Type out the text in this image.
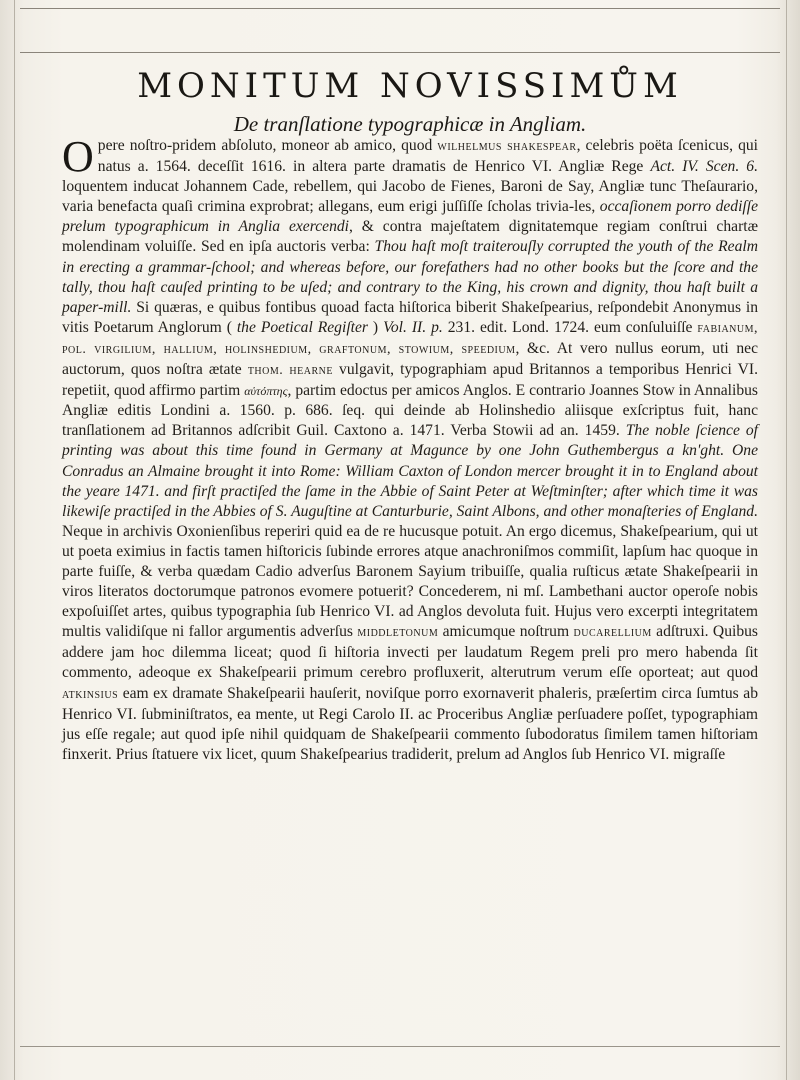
MONITUM NOVISSIMŮM
De tranſlatione typographicæ in Angliam.

O pere noſtro-pridem abſoluto, moneor ab amico, quod wilhelmus shakespear, celebris poëta ſcenicus, qui natus a. 1564. deceſſit 1616. in altera parte dramatis de Henrico VI. Angliæ Rege Act. IV. Scen. 6. loquentem inducat Johannem Cade, rebellem, qui Jacobo de Fienes, Baroni de Say, Angliæ tunc Theſaurario, varia benefacta quaſi crimina exprobrat; allegans, eum erigi juſſiſſe ſcholas trivia-les, occaſionem porro dediſſe prelum typographicum in Anglia exercendi, & contra majeſtatem dignitatemque regiam conſtrui chartæ molendinam voluiſſe. Sed en ipſa auctoris verba: Thou haſt moſt traiterouſly corrupted the youth of the Realm in erecting a grammar-ſchool; and whereas before, our forefathers had no other books but the ſcore and the tally, thou haſt cauſed printing to be uſed; and contrary to the King, his crown and dignity, thou haſt built a paper-mill. Si quæras, e quibus fontibus quoad facta hiſtorica biberit Shakeſpearius, reſpondebit Anonymus in vitis Poetarum Anglorum ( the Poetical Regiſter ) Vol. II. p. 231. edit. Lond. 1724. eum conſuluiſſe fabianum, pol. virgilium, hallium, holinshedium, graftonum, stowium, speedium, &c. At vero nullus eorum, uti nec auctorum, quos noſtra ætate thom. hearne vulgavit, typographiam apud Britannos a temporibus Henrici VI. repetiit, quod affirmo partim αὐτόπτης, partim edoctus per amicos Anglos. E contrario Joannes Stow in Annalibus Angliæ editis Londini a. 1560. p. 686. ſeq. qui deinde ab Holinshedio aliisque exſcriptus fuit, hanc tranſlationem ad Britannos adſcribit Guil. Caxtono a. 1471. Verba Stowii ad an. 1459. The noble ſcience of printing was about this time found in Germany at Magunce by one John Guthembergus a kn'ght. One Conradus an Almaine brought it into Rome: William Caxton of London mercer brought it in to England about the yeare 1471. and firſt practiſed the ſame in the Abbie of Saint Peter at Weſtminſter; after which time it was likewiſe practiſed in the Abbies of S. Auguſtine at Canturburie, Saint Albons, and other monaſteries of England. Neque in archivis Oxonienſibus reperiri quid ea de re hucusque potuit. An ergo dicemus, Shakeſpearium, qui ut ut poeta eximius in factis tamen hiſtoricis ſubinde errores atque anachroniſmos commiſit, lapſum hac quoque in parte fuiſſe, & verba quædam Cadio adverſus Baronem Sayium tribuiſſe, qualia ruſticus ætate Shakeſpearii in viros literatos doctorumque patronos evomere potuerit? Concederem, ni mſ. Lambethani auctor operoſe nobis expoſuiſſet artes, quibus typographia ſub Henrico VI. ad Anglos devoluta fuit. Hujus vero excerpti integritatem multis validiſque ni fallor argumentis adverſus middletonum amicumque noſtrum ducarellium adſtruxi. Quibus addere jam hoc dilemma liceat; quod ſi hiſtoria invecti per laudatum Regem preli pro mero habenda ſit commento, adeoque ex Shakeſpearii primum cerebro profluxerit, alterutrum verum eſſe oporteat; aut quod atkinsius eam ex dramate Shakeſpearii hauſerit, noviſque porro exornaverit phaleris, præſertim circa ſumtus ab Henrico VI. ſubminiſtratos, ea mente, ut Regi Carolo II. ac Proceribus Angliæ perſuadere poſſet, typographiam jus eſſe regale; aut quod ipſe nihil quidquam de Shakeſpearii commento ſubodoratus ſimilem tamen hiſtoriam finxerit. Prius ſtatuere vix licet, quum Shakeſpearius tradiderit, prelum ad Anglos ſub Henrico VI. migraſſe
